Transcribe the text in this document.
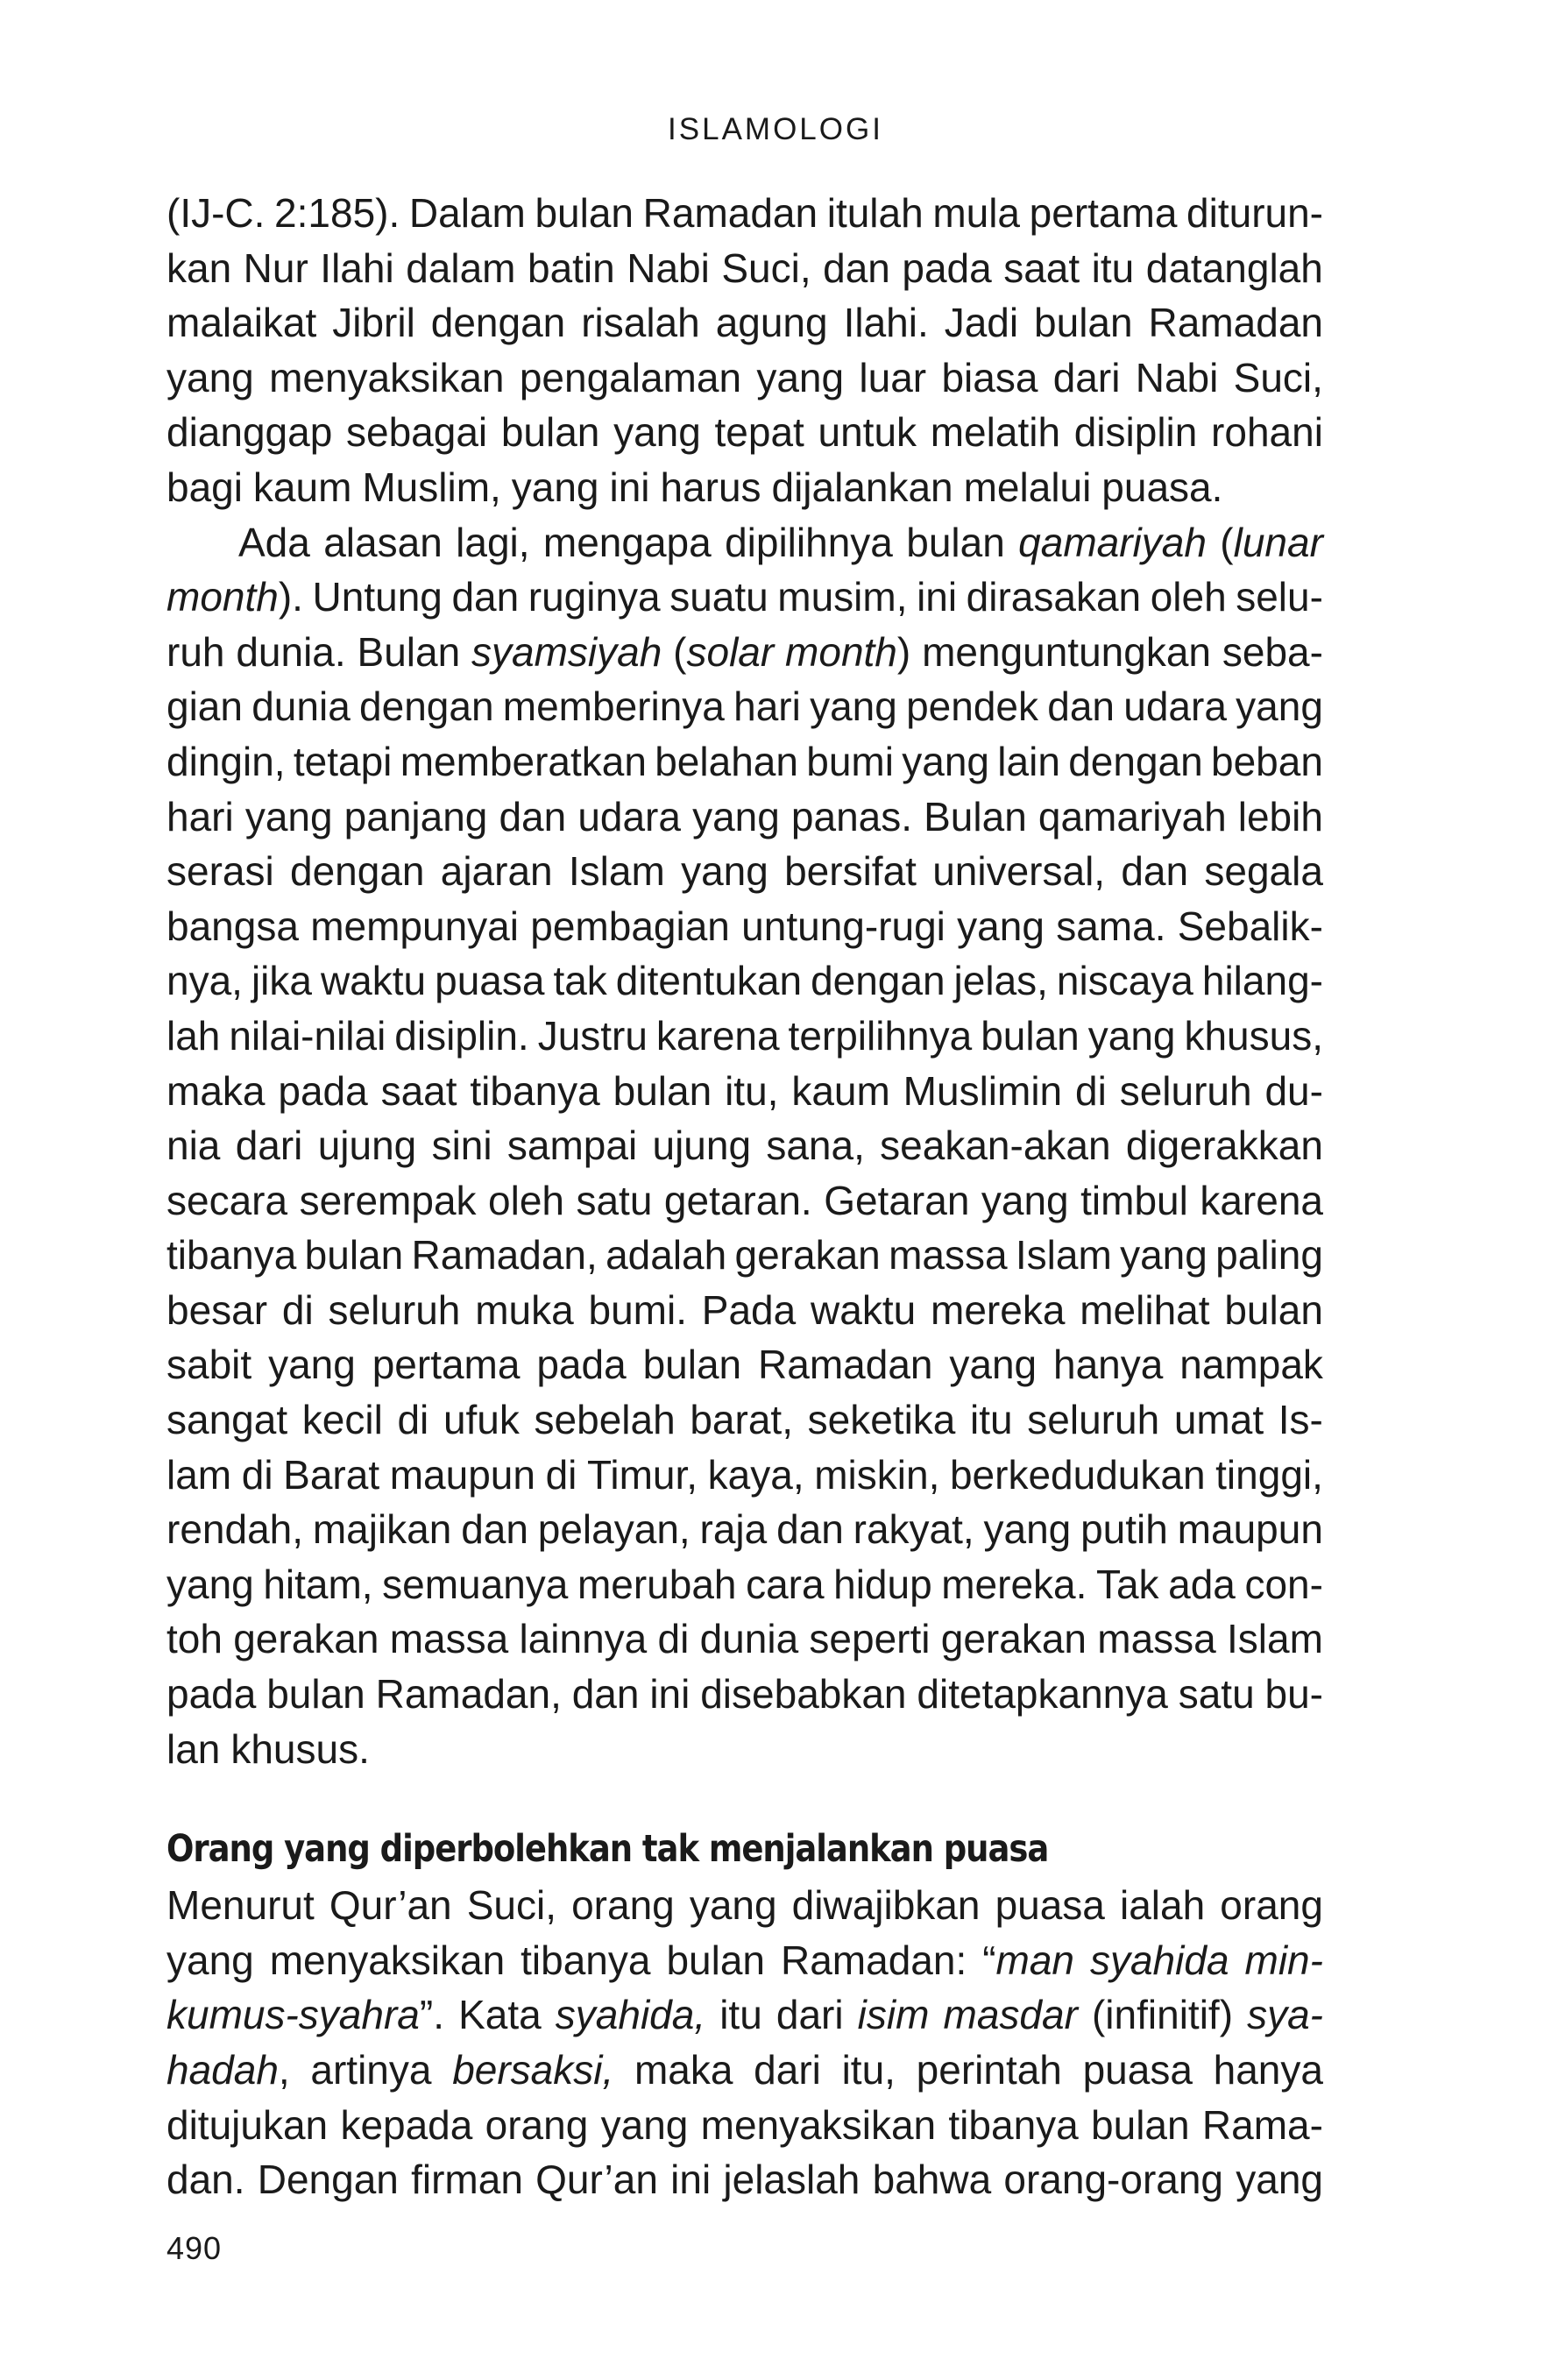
ISLAMOLOGI
(IJ-C. 2:185). Dalam bulan Ramadan itulah mula pertama diturun-
kan Nur Ilahi dalam batin Nabi Suci, dan pada saat itu datanglah
malaikat Jibril dengan risalah agung Ilahi. Jadi bulan Ramadan
yang menyaksikan pengalaman yang luar biasa dari Nabi Suci,
dianggap sebagai bulan yang tepat untuk melatih disiplin rohani
bagi kaum Muslim, yang ini harus dijalankan melalui puasa.
Ada alasan lagi, mengapa dipilihnya bulan qamariyah (lunar
month). Untung dan ruginya suatu musim, ini dirasakan oleh selu-
ruh dunia. Bulan syamsiyah (solar month) menguntungkan seba-
gian dunia dengan memberinya hari yang pendek dan udara yang
dingin, tetapi memberatkan belahan bumi yang lain dengan beban
hari yang panjang dan udara yang panas. Bulan qamariyah lebih
serasi dengan ajaran Islam yang bersifat universal, dan segala
bangsa mempunyai pembagian untung-rugi yang sama. Sebalik-
nya, jika waktu puasa tak ditentukan dengan jelas, niscaya hilang-
lah nilai-nilai disiplin. Justru karena terpilihnya bulan yang khusus,
maka pada saat tibanya bulan itu, kaum Muslimin di seluruh du-
nia dari ujung sini sampai ujung sana, seakan-akan digerakkan
secara serempak oleh satu getaran. Getaran yang timbul karena
tibanya bulan Ramadan, adalah gerakan massa Islam yang paling
besar di seluruh muka bumi. Pada waktu mereka melihat bulan
sabit yang pertama pada bulan Ramadan yang hanya nampak
sangat kecil di ufuk sebelah barat, seketika itu seluruh umat Is-
lam di Barat maupun di Timur, kaya, miskin, berkedudukan tinggi,
rendah, majikan dan pelayan, raja dan rakyat, yang putih maupun
yang hitam, semuanya merubah cara hidup mereka. Tak ada con-
toh gerakan massa lainnya di dunia seperti gerakan massa Islam
pada bulan Ramadan, dan ini disebabkan ditetapkannya satu bu-
lan khusus.
Orang yang diperbolehkan tak menjalankan puasa
Menurut Qur’an Suci, orang yang diwajibkan puasa ialah orang
yang menyaksikan tibanya bulan Ramadan: “man syahida min-
kumus-syahra”. Kata syahida, itu dari isim masdar (infinitif) sya-
hadah, artinya bersaksi, maka dari itu, perintah puasa hanya
ditujukan kepada orang yang menyaksikan tibanya bulan Rama-
dan. Dengan firman Qur’an ini jelaslah bahwa orang-orang yang
490
